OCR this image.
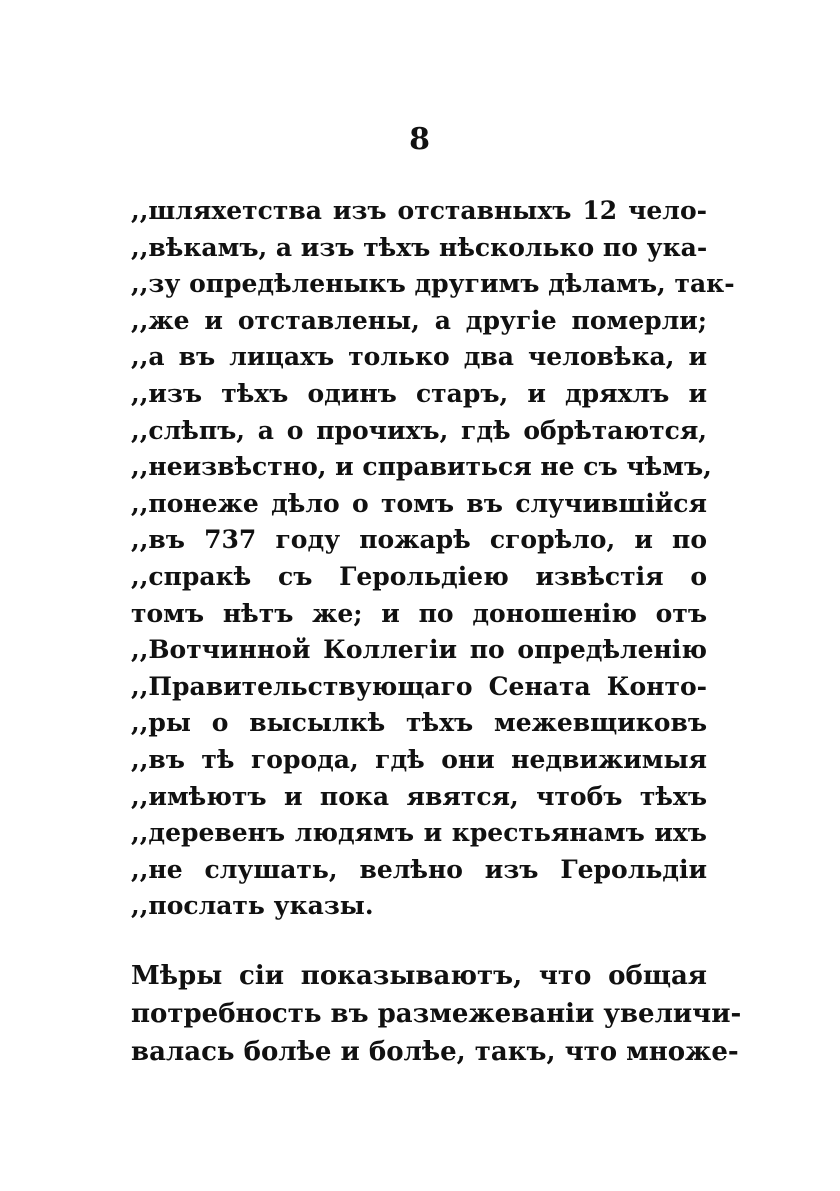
8
,,шляхетства изъ отставныхъ 12 чело-
,,вѣкамъ, а изъ тѣхъ нѣсколько по ука-
,,зу опредѣленыкъ другимъ дѣламъ, так-
,,же и отставлены, а другіе померли;
,,а въ лицахъ только два человѣка, и
,,изъ тѣхъ одинъ старъ, и дряхлъ и
,,слѣпъ, а о прочихъ, гдѣ обрѣтаются,
,,неизвѣстно, и справиться не съ чѣмъ,
,,понеже дѣло о томъ въ случившійся
,,въ 737 году пожарѣ сгорѣло, и по
,,спракѣ съ Герольдіею извѣстія о
томъ нѣтъ же; и по доношенію отъ
,,Вотчинной Коллегіи по опредѣленію
,,Правительствующаго Сената Конто-
,,ры о высылкѣ тѣхъ межевщиковъ
,,въ тѣ города, гдѣ они недвижимыя
,,имѣютъ и пока явятся, чтобъ тѣхъ
,,деревенъ людямъ и крестьянамъ ихъ
,,не слушать, велѣно изъ Герольдіи
,,послать указы.
Мѣры сіи показываютъ, что общая
потребность въ размежеваніи увеличи-
валась болѣе и болѣе, такъ, что множе-
